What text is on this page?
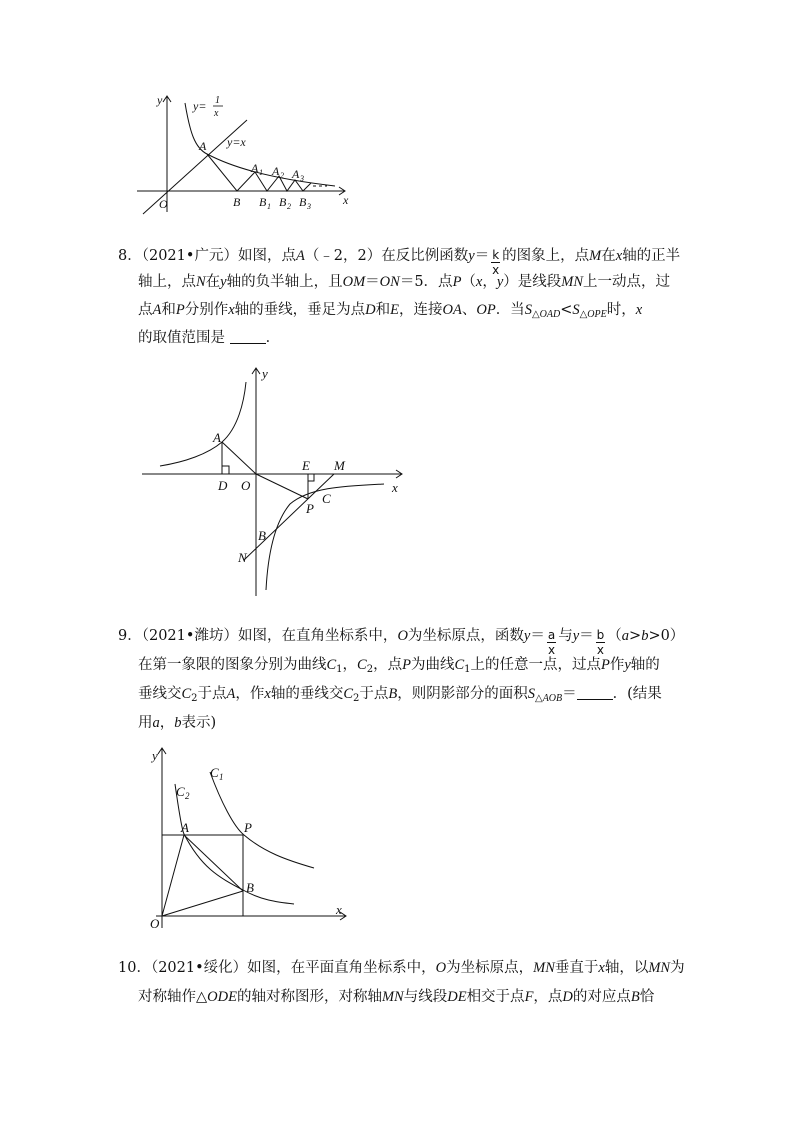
y
x
O
y= 1
x
y=x
A
A 1 A 2 A 3
B B 1 B 2 B 3
8．（2021•广元）如图，点A（﹣2，2）在反比例函数$y= \frac{k}{x}$ 的图象上，点M在x轴的正半
轴上，点N在y轴的负半轴上，且OM＝ON＝5．点P（x，y）是线段MN上一动点，过
点A和P分别作x轴的垂线，垂足为点D和E，连接OA、OP．当$S_{\triangle OAD}<S_{\triangle OPE}$时，x
的取值范围是	．
y
x
A
D O
E M
P
C
B
N
9．（2021•潍坊）如图，在直角坐标系中，O为坐标原点，函数$y= \frac{a}{x}$ 与$y= \frac{b}{x} (a>b>0)$
在第一象限的图象分别为曲线$C_1$，$C_2$，点P为曲线$C_1$上的任意一点，过点P作y轴的
垂线交$C_2$于点A，作x轴的垂线交$C_2$于点B，则阴影部分的面积$S_{\triangle AOB}=$ ．(结果
用a，b表示)
y
x
O
C 1
C 2
A	P
B
10．（2021•绥化）如图，在平面直角坐标系中，O为坐标原点，MN垂直于x轴，以MN为
对称轴作△ODE的轴对称图形，对称轴MN与线段DE相交于点F，点D的对应点B恰
